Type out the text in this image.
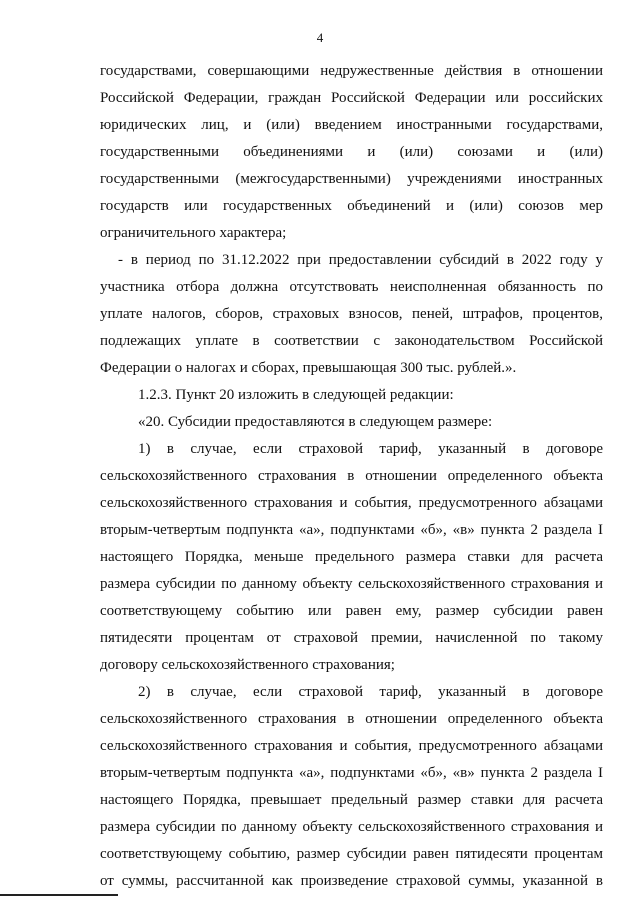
4
государствами, совершающими недружественные действия в отношении
Российской Федерации, граждан Российской Федерации или российских
юридических лиц, и (или) введением иностранными государствами,
государственными объединениями и (или) союзами и (или)
государственными (межгосударственными) учреждениями иностранных
государств или государственных объединений и (или) союзов мер
ограничительного характера;
- в период по 31.12.2022 при предоставлении субсидий в 2022 году у
участника отбора должна отсутствовать неисполненная обязанность по
уплате налогов, сборов, страховых взносов, пеней, штрафов, процентов,
подлежащих уплате в соответствии с законодательством Российской
Федерации о налогах и сборах, превышающая 300 тыс. рублей.».
1.2.3. Пункт 20 изложить в следующей редакции:
«20. Субсидии предоставляются в следующем размере:
1) в случае, если страховой тариф, указанный в договоре
сельскохозяйственного страхования в отношении определенного объекта
сельскохозяйственного страхования и события, предусмотренного абзацами
вторым-четвертым подпункта «а», подпунктами «б», «в» пункта 2 раздела I
настоящего Порядка, меньше предельного размера ставки для расчета
размера субсидии по данному объекту сельскохозяйственного страхования и
соответствующему событию или равен ему, размер субсидии равен
пятидесяти процентам от страховой премии, начисленной по такому
договору сельскохозяйственного страхования;
2) в случае, если страховой тариф, указанный в договоре
сельскохозяйственного страхования в отношении определенного объекта
сельскохозяйственного страхования и события, предусмотренного абзацами
вторым-четвертым подпункта «а», подпунктами «б», «в» пункта 2 раздела I
настоящего Порядка, превышает предельный размер ставки для расчета
размера субсидии по данному объекту сельскохозяйственного страхования и
соответствующему событию, размер субсидии равен пятидесяти процентам
от суммы, рассчитанной как произведение страховой суммы, указанной в
